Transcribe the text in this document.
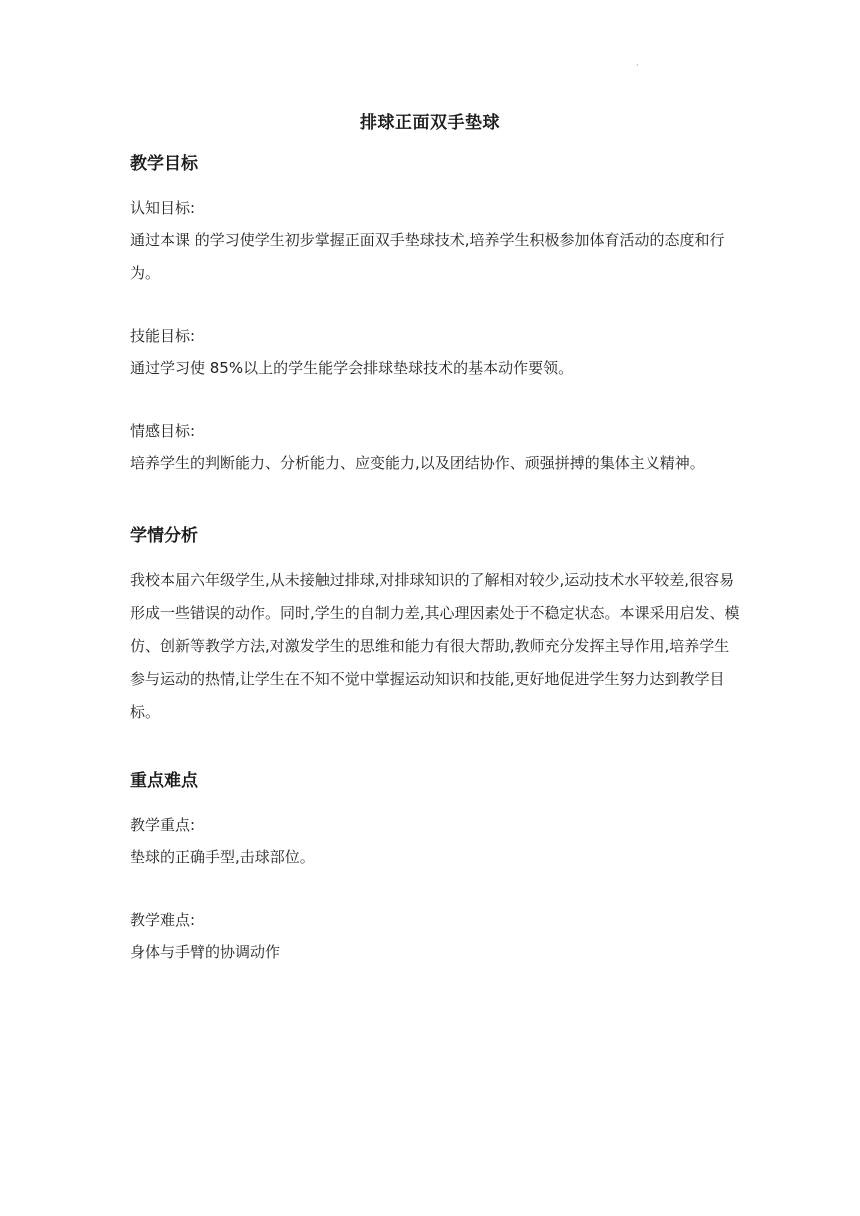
·
排球正面双手垫球
教学目标
认知目标:

通过本课 的学习使学生初步掌握正面双手垫球技术,培养学生积极参加体育活动的态度和行为。

技能目标:

通过学习使 85%以上的学生能学会排球垫球技术的基本动作要领。

情感目标:

培养学生的判断能力、分析能力、应变能力,以及团结协作、顽强拼搏的集体主义精神。

学情分析

我校本届六年级学生,从未接触过排球,对排球知识的了解相对较少,运动技术水平较差,很容易形成一些错误的动作。同时,学生的自制力差,其心理因素处于不稳定状态。本课采用启发、模仿、创新等教学方法,对激发学生的思维和能力有很大帮助,教师充分发挥主导作用,培养学生参与运动的热情,让学生在不知不觉中掌握运动知识和技能,更好地促进学生努力达到教学目标。

重点难点
教学重点:

垫球的正确手型,击球部位。

教学难点:

身体与手臂的协调动作
